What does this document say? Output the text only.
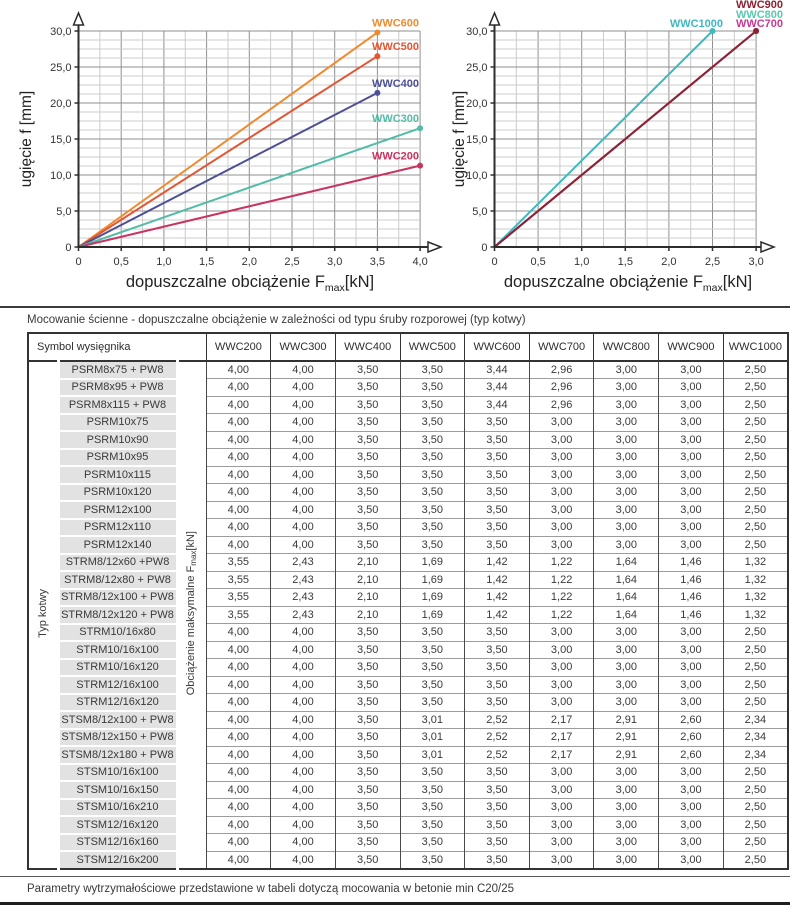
0	0,5 1,0 1,5 2,0 2,5 3,0 3,5 4,0
0
5,0
10,0
15,0
20,0
25,0
30,0
WWC600
WWC500
WWC400
WWC300
WWC200
dopuszczalne obciążenie $F_{max}[kN]$
ugięcie f [mm]
0	0,5	1,0	1,5	2,0	2,5	3,0
0
5,0
10,0
15,0
20,0
25,0
30,0
WWC1000
WWC800
WWC700
WWC900
dopuszczalne obciążenie $F_{max}[kN]$
ugięcie f [mm]
Mocowanie ścienne - dopuszczalne obciążenie w zależności od typu śruby rozporowej (typ kotwy)
Symbol wysięgnika			WWC200	WWC300	WWC400	WWC500	WWC600	WWC700	WWC800	WWC900	WWC1000
Typ kotwy	PSRM8x75 + PW8	Obciążenie maksymalne $F_{max}[kN]$	4,00	4,00	3,50	3,50	3,44	2,96	3,00	3,00	2,50
	PSRM8x95 + PW8		4,00	4,00	3,50	3,50	3,44	2,96	3,00	3,00	2,50
	PSRM8x115 + PW8		4,00	4,00	3,50	3,50	3,44	2,96	3,00	3,00	2,50
	PSRM10x75		4,00	4,00	3,50	3,50	3,50	3,00	3,00	3,00	2,50
	PSRM10x90		4,00	4,00	3,50	3,50	3,50	3,00	3,00	3,00	2,50
	PSRM10x95		4,00	4,00	3,50	3,50	3,50	3,00	3,00	3,00	2,50
	PSRM10x115		4,00	4,00	3,50	3,50	3,50	3,00	3,00	3,00	2,50
	PSRM10x120		4,00	4,00	3,50	3,50	3,50	3,00	3,00	3,00	2,50
	PSRM12x100		4,00	4,00	3,50	3,50	3,50	3,00	3,00	3,00	2,50
	PSRM12x110		4,00	4,00	3,50	3,50	3,50	3,00	3,00	3,00	2,50
	PSRM12x140		4,00	4,00	3,50	3,50	3,50	3,00	3,00	3,00	2,50
	STRM8/12x60 +PW8		3,55	2,43	2,10	1,69	1,42	1,22	1,64	1,46	1,32
	STRM8/12x80 + PW8		3,55	2,43	2,10	1,69	1,42	1,22	1,64	1,46	1,32
	STRM8/12x100 + PW8		3,55	2,43	2,10	1,69	1,42	1,22	1,64	1,46	1,32
	STRM8/12x120 + PW8		3,55	2,43	2,10	1,69	1,42	1,22	1,64	1,46	1,32
	STRM10/16x80		4,00	4,00	3,50	3,50	3,50	3,00	3,00	3,00	2,50
	STRM10/16x100		4,00	4,00	3,50	3,50	3,50	3,00	3,00	3,00	2,50
	STRM10/16x120		4,00	4,00	3,50	3,50	3,50	3,00	3,00	3,00	2,50
	STRM12/16x100		4,00	4,00	3,50	3,50	3,50	3,00	3,00	3,00	2,50
	STRM12/16x120		4,00	4,00	3,50	3,50	3,50	3,00	3,00	3,00	2,50
	STSM8/12x100 + PW8		4,00	4,00	3,50	3,01	2,52	2,17	2,91	2,60	2,34
	STSM8/12x150 + PW8		4,00	4,00	3,50	3,01	2,52	2,17	2,91	2,60	2,34
	STSM8/12x180 + PW8		4,00	4,00	3,50	3,01	2,52	2,17	2,91	2,60	2,34
	STSM10/16x100		4,00	4,00	3,50	3,50	3,50	3,00	3,00	3,00	2,50
	STSM10/16x150		4,00	4,00	3,50	3,50	3,50	3,00	3,00	3,00	2,50
	STSM10/16x210		4,00	4,00	3,50	3,50	3,50	3,00	3,00	3,00	2,50
	STSM12/16x120		4,00	4,00	3,50	3,50	3,50	3,00	3,00	3,00	2,50
	STSM12/16x160		4,00	4,00	3,50	3,50	3,50	3,00	3,00	3,00	2,50
	STSM12/16x200		4,00	4,00	3,50	3,50	3,50	3,00	3,00	3,00	2,50
Parametry wytrzymałościowe przedstawione w tabeli dotyczą mocowania w betonie min C20/25
